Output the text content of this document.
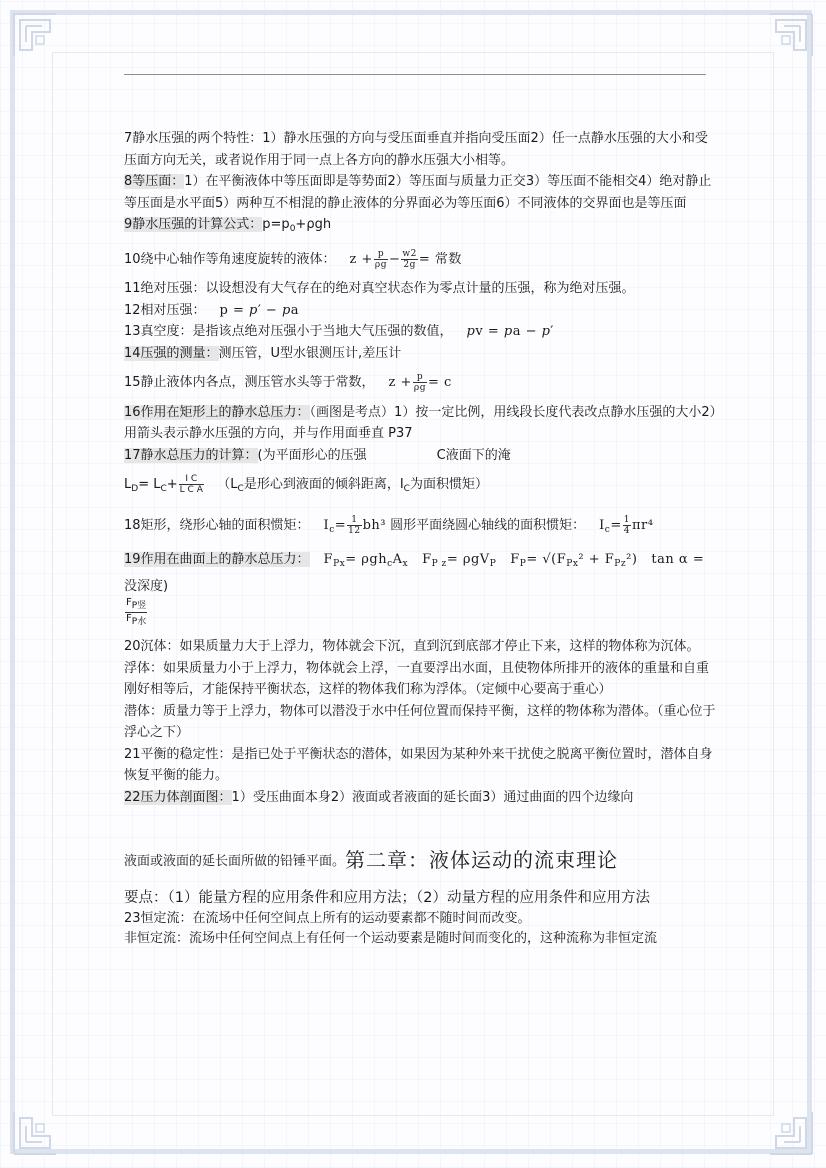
7静水压强的两个特性：1）静水压强的方向与受压面垂直并指向受压面2）任一点静水压强的大小和受压面方向无关，或者说作用于同一点上各方向的静水压强大小相等。

8等压面：1）在平衡液体中等压面即是等势面2）等压面与质量力正交3）等压面不能相交4）绝对静止等压面是水平面5）两种互不相混的静止液体的分界面必为等压面6）不同液体的交界面也是等压面

9静水压强的计算公式：$p=p_0+\rho gh$

10绕中心轴作等角速度旋转的液体： $z + \frac{p}{\rho g} - \frac{w2}{2g}$ = 常数

11绝对压强：以设想没有大气存在的绝对真空状态作为零点计量的压强，称为绝对压强。

12相对压强： p = 𝑝′ − 𝑝a

13真空度：是指该点绝对压强小于当地大气压强的数值， 𝑝v = 𝑝a − 𝑝′

14压强的测量：测压管，U型水银测压计,差压计

15静止液体内各点，测压管水头等于常数， $z + \frac{p}{\rho g} = c$

16作用在矩形上的静水总压力：（画图是考点）1）按一定比例，用线段长度代表改点静水压强的大小2）用箭头表示静水压强的方向，并与作用面垂直 P37

17静水总压力的计算：(为平面形心的压强	C液面下的淹

$L_D= L_C+ \frac{\text{I C}}{\text{L C A}} (L_C$是形心到液面的倾斜距离，$I_C$为面积惯矩）

18矩形，绕形心轴的面积惯矩： $I_c= \frac{1}{12} bh^3$ 圆形平面绕圆心轴线的面积惯矩： $I_c= \frac{1}{4} \pi r^4$

19作用在曲面上的静水总压力： $F_{Px}= \rho gh_cA_x$ $F_{P z}= \rho gV_P$ $F_P= √(F_{Px}^2 + F_{Pz}^2)$ tan α =

没深度)

$\frac{\text{FP竖}}{\text{FP水}}$

20沉体：如果质量力大于上浮力，物体就会下沉，直到沉到底部才停止下来，这样的物体称为沉体。

浮体：如果质量力小于上浮力，物体就会上浮，一直要浮出水面，且使物体所排开的液体的重量和自重刚好相等后，才能保持平衡状态，这样的物体我们称为浮体。（定倾中心要高于重心）

潜体：质量力等于上浮力，物体可以潜没于水中任何位置而保持平衡，这样的物体称为潜体。（重心位于浮心之下）

21平衡的稳定性：是指已处于平衡状态的潜体，如果因为某种外来干扰使之脱离平衡位置时，潜体自身恢复平衡的能力。

22压力体剖面图：1）受压曲面本身2）液面或者液面的延长面3）通过曲面的四个边缘向

液面或液面的延长面所做的铅锤平面。第二章：液体运动的流束理论

要点：（1）能量方程的应用条件和应用方法；（2）动量方程的应用条件和应用方法

23恒定流：在流场中任何空间点上所有的运动要素都不随时间而改变。

非恒定流：流场中任何空间点上有任何一个运动要素是随时间而变化的，这种流称为非恒定流
